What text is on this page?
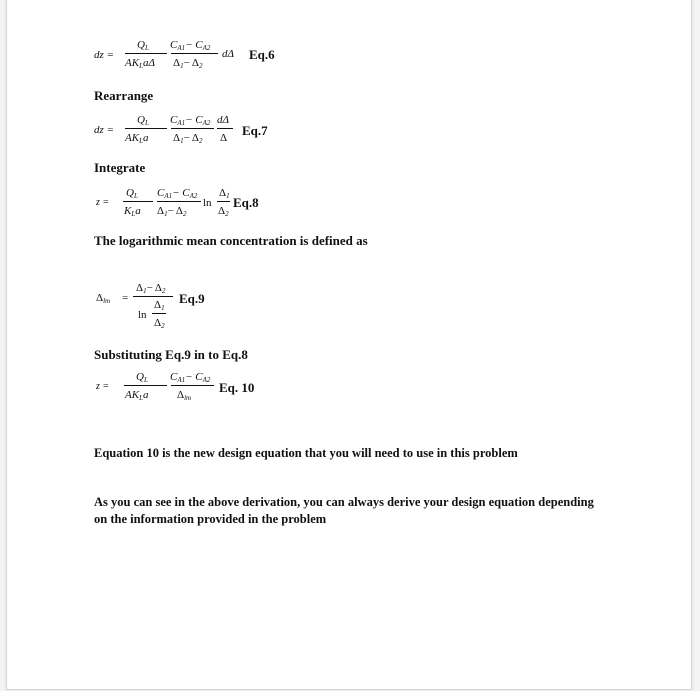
dz =
$Q_L$ $C_{A1}- C_{A2}$
$AK_La\Delta$ $\Delta_1- \Delta_2$
dΔ Eq.6
Rearrange
dz =
$Q_L$ $C_{A1}- C_{A2}$ dΔ
$AK_La$ $\Delta_1- \Delta_2$ Δ Eq.7
Integrate
z =
$Q_L$ $C_{A1}- C_{A2}$
ln
$\Delta_1$
$K_La$ $\Delta_1- \Delta_2$	$\Delta_2$
Eq.8
The logarithmic mean concentration is defined as
$\Delta_{lm}$ =
$\Delta_1- \Delta_2$
ln
$\Delta_1$
$\Delta_2$
Eq.9
Substituting Eq.9 in to Eq.8
z =
$Q_L$ $C_{A1}- C_{A2}$
$AK_La$	$\Delta_{lm}$
Eq. 10
Equation 10 is the new design equation that you will need to use in this problem
As you can see in the above derivation, you can always derive your design equation depending on the information provided in the problem
